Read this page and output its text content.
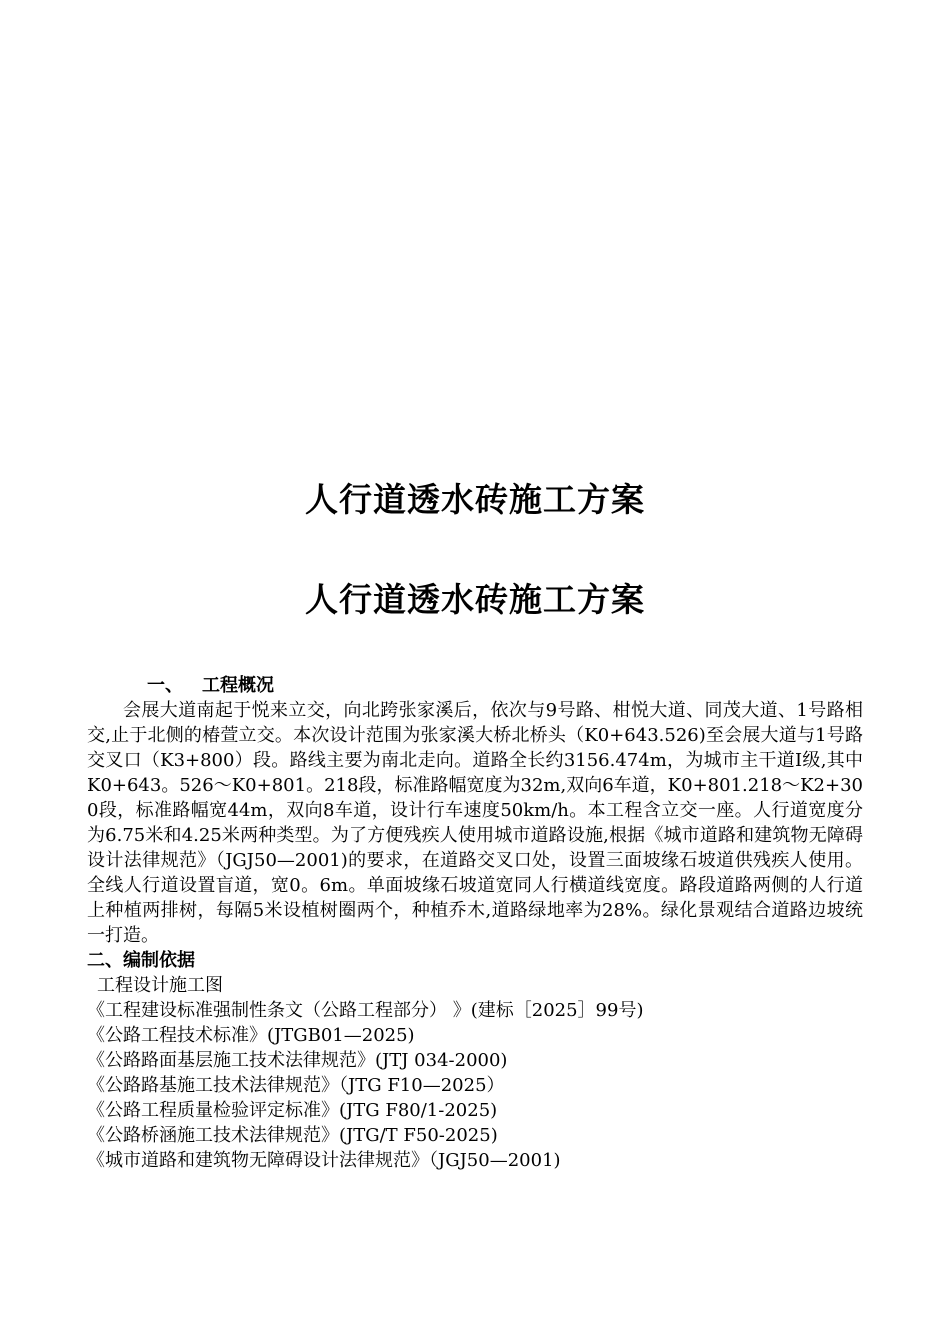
人行道透水砖施工方案
人行道透水砖施工方案
一、 工程概况

会展大道南起于悦来立交，向北跨张家溪后，依次与9号路、柑悦大道、同茂大道、1号路相交,止于北侧的椿萱立交。本次设计范围为张家溪大桥北桥头（K0+643.526)至会展大道与1号路交叉口（K3+800）段。路线主要为南北走向。道路全长约3156.474m，为城市主干道Ⅰ级,其中K0+643。526～K0+801。218段，标准路幅宽度为32m,双向6车道，K0+801.218～K2+300段，标准路幅宽44m，双向8车道，设计行车速度50km/h。本工程含立交一座。人行道宽度分为6.75米和4.25米两种类型。为了方便残疾人使用城市道路设施,根据《城市道路和建筑物无障碍设计法律规范》（JGJ50—2001)的要求，在道路交叉口处，设置三面坡缘石坡道供残疾人使用。全线人行道设置盲道，宽0。6m。单面坡缘石坡道宽同人行横道线宽度。路段道路两侧的人行道上种植两排树，每隔5米设植树圈两个，种植乔木,道路绿地率为28%。绿化景观结合道路边坡统一打造。

二、编制依据
工程设计施工图
《工程建设标准强制性条文（公路工程部分） 》(建标［2025］99号)
《公路工程技术标准》(JTGB01—2025)
《公路路面基层施工技术法律规范》(JTJ 034-2000)
《公路路基施工技术法律规范》（JTG F10—2025）
《公路工程质量检验评定标准》(JTG F80/1-2025)
《公路桥涵施工技术法律规范》(JTG/T F50-2025)
《城市道路和建筑物无障碍设计法律规范》（JGJ50—2001)
